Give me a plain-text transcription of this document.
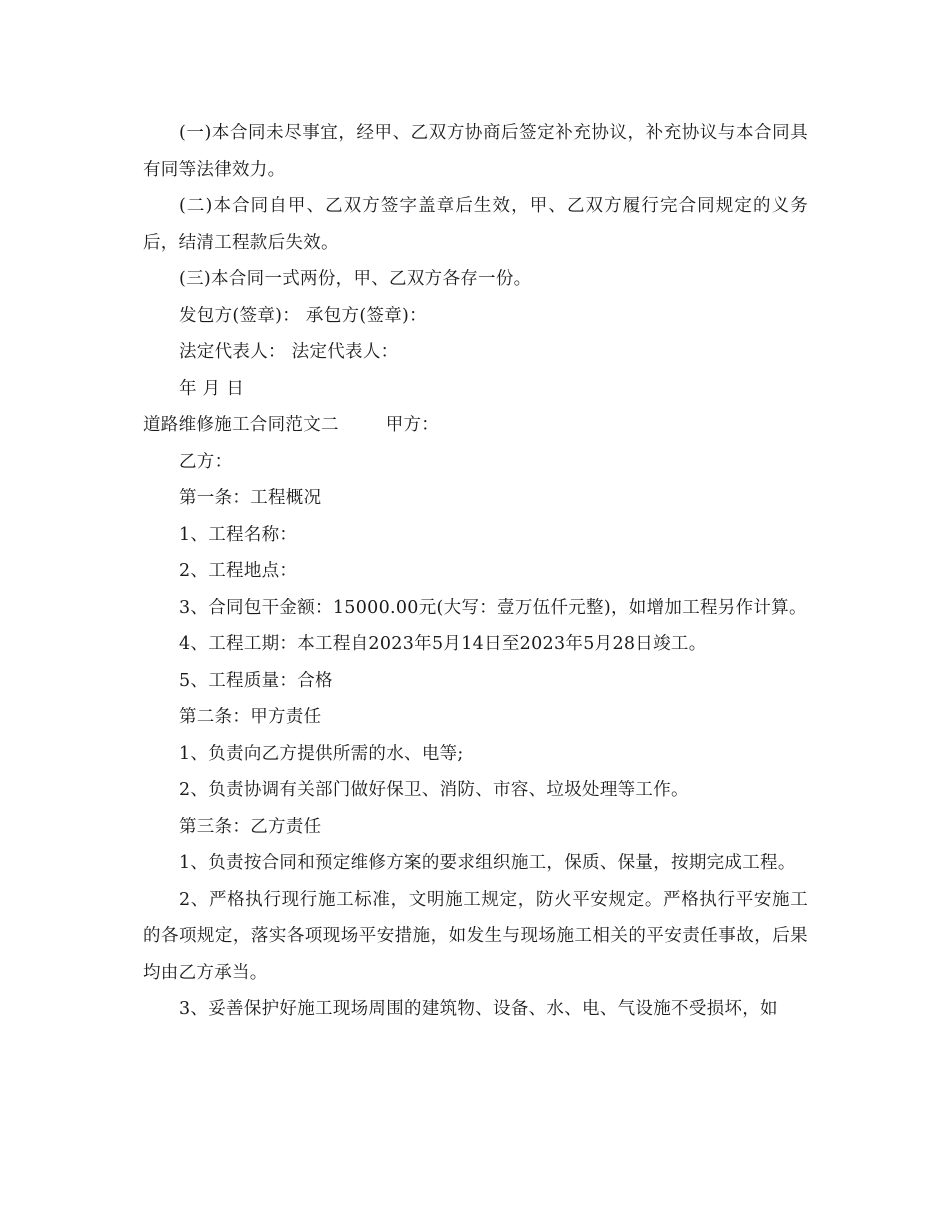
(一)本合同未尽事宜，经甲、乙双方协商后签定补充协议，补充协议与本合同具有同等法律效力。

(二)本合同自甲、乙双方签字盖章后生效，甲、乙双方履行完合同规定的义务后，结清工程款后失效。

(三)本合同一式两份，甲、乙双方各存一份。

发包方(签章)： 承包方(签章)：

法定代表人： 法定代表人：

年 月 日

道路维修施工合同范文二        甲方：

乙方：

第一条：工程概况

1、工程名称：

2、工程地点：

3、合同包干金额：15000.00元(大写：壹万伍仟元整)，如增加工程另作计算。

4、工程工期：本工程自2023年5月14日至2023年5月28日竣工。

5、工程质量：合格

第二条：甲方责任

1、负责向乙方提供所需的水、电等;

2、负责协调有关部门做好保卫、消防、市容、垃圾处理等工作。

第三条：乙方责任

1、负责按合同和预定维修方案的要求组织施工，保质、保量，按期完成工程。

2、严格执行现行施工标准，文明施工规定，防火平安规定。严格执行平安施工的各项规定，落实各项现场平安措施，如发生与现场施工相关的平安责任事故，后果均由乙方承当。

3、妥善保护好施工现场周围的建筑物、设备、水、电、气设施不受损坏，如
